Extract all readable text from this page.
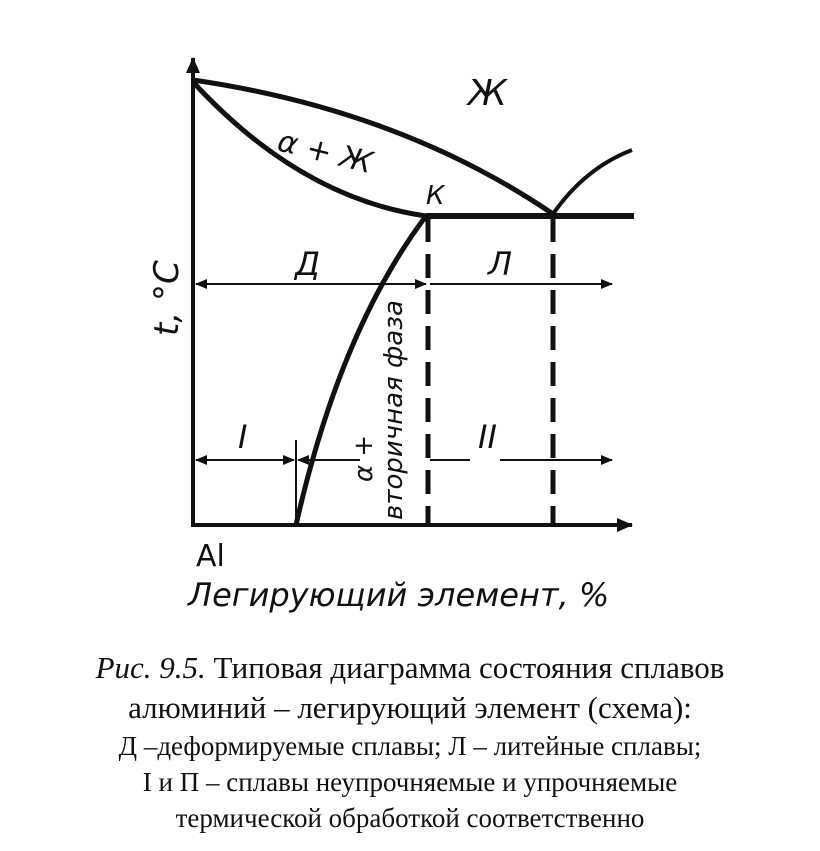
Ж
α + Ж
К
Д	Л
I	II
α + вторичная фаза
t, °C
Al
Легирующий элемент, %
Рис. 9.5. Типовая диаграмма состояния сплавов
алюминий – легирующий элемент (схема):
Д –деформируемые сплавы; Л – литейные сплавы;
I и П – сплавы неупрочняемые и упрочняемые
термической обработкой соответственно
